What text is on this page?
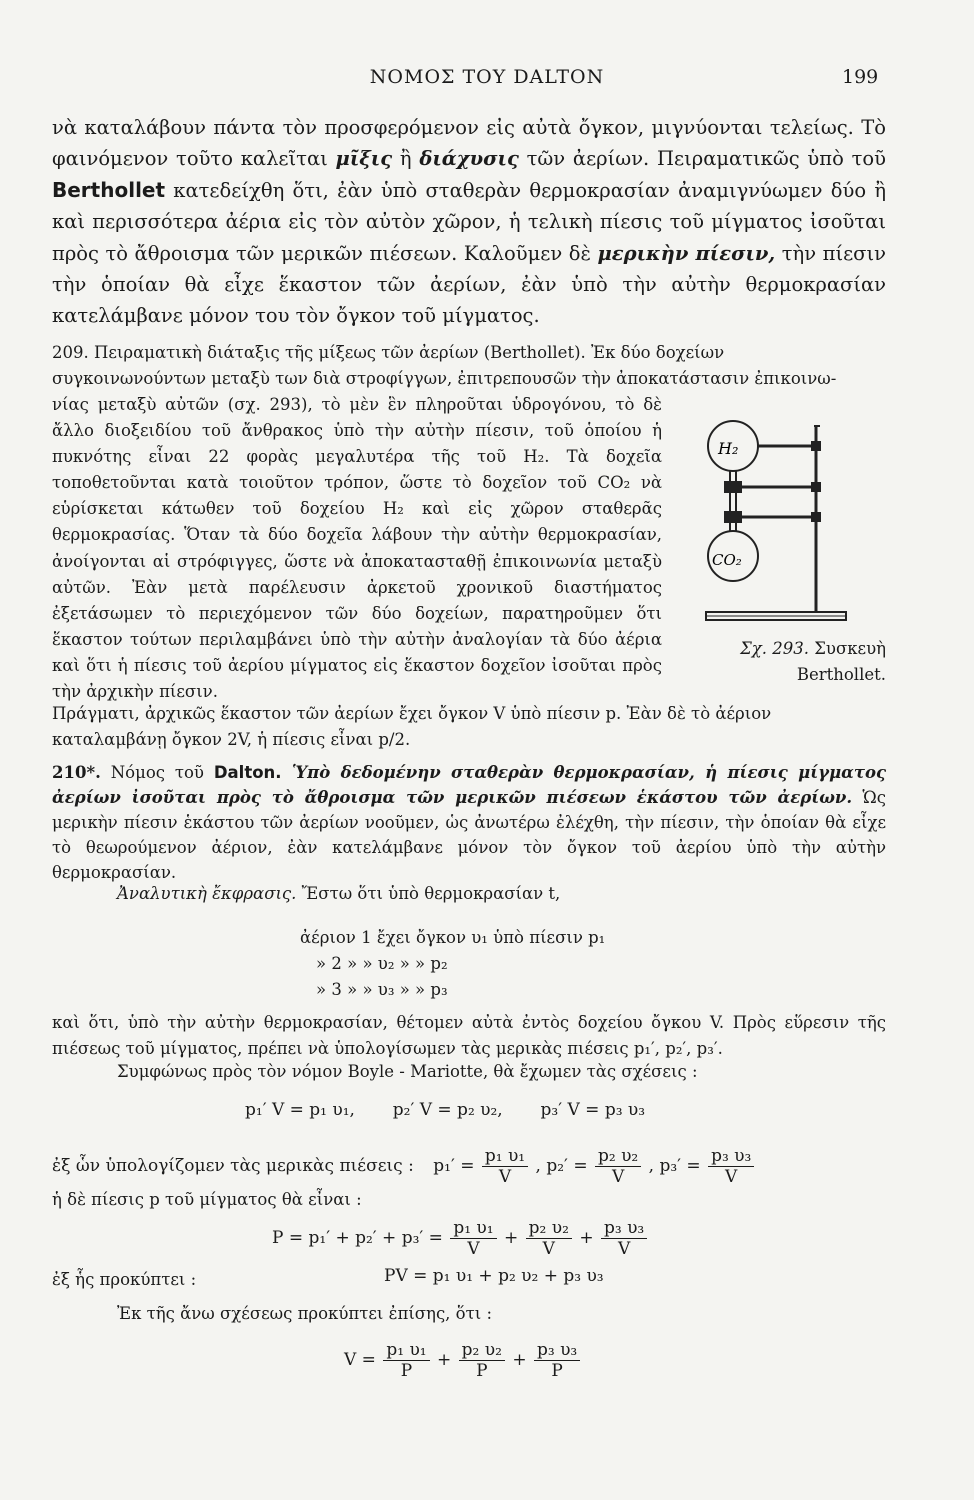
ΝΟΜΟΣ ΤΟΥ DALTON	199
νὰ καταλάβουν πάντα τὸν προσφερόμενον εἰς αὐτὰ ὄγκον, μιγνύονται τελείως. Τὸ φαινόμενον τοῦτο καλεῖται μῖξις ἢ διάχυσις τῶν ἀερίων. Πειραματικῶς ὑπὸ τοῦ Berthollet κατεδείχθη ὅτι, ἐὰν ὑπὸ σταθερὰν θερμοκρασίαν ἀναμιγνύωμεν δύο ἢ καὶ περισσότερα ἀέρια εἰς τὸν αὐτὸν χῶρον, ἡ τελικὴ πίεσις τοῦ μίγματος ἰσοῦται πρὸς τὸ ἄθροισμα τῶν μερικῶν πιέσεων. Καλοῦμεν δὲ μερικὴν πίεσιν, τὴν πίεσιν τὴν ὁποίαν θὰ εἶχε ἕκαστον τῶν ἀερίων, ἐὰν ὑπὸ τὴν αὐτὴν θερμοκρασίαν κατελάμβανε μόνον του τὸν ὄγκον τοῦ μίγματος.
209. Πειραματικὴ διάταξις τῆς μίξεως τῶν ἀερίων (Berthollet). Ἐκ δύο δοχείων
συγκοινωνούντων μεταξὺ των διὰ στροφίγγων, ἐπιτρεπουσῶν τὴν ἀποκατάστασιν ἐπικοινω-
νίας μεταξὺ αὐτῶν (σχ. 293), τὸ μὲν ἓν πληροῦται ὑδρογόνου, τὸ δὲ ἄλλο διοξειδίου τοῦ ἄνθρακος ὑπὸ τὴν αὐτὴν πίεσιν, τοῦ ὁποίου ἡ πυκνότης εἶναι 22 φορὰς μεγαλυτέρα τῆς τοῦ H₂. Τὰ δοχεῖα τοποθετοῦνται κατὰ τοιοῦτον τρόπον, ὥστε τὸ δοχεῖον τοῦ CO₂ νὰ εὑρίσκεται κάτωθεν τοῦ δοχείου H₂ καὶ εἰς χῶρον σταθερᾶς θερμοκρασίας. Ὅταν τὰ δύο δοχεῖα λάβουν τὴν αὐτὴν θερμοκρασίαν, ἀνοίγονται αἱ στρόφιγγες, ὥστε νὰ ἀποκατασταθῇ ἐπικοινωνία μεταξὺ αὐτῶν. Ἐὰν μετὰ παρέλευσιν ἀρκετοῦ χρονικοῦ διαστήματος ἐξετάσωμεν τὸ περιεχόμενον τῶν δύο δοχείων, παρατηροῦμεν ὅτι ἕκαστον τούτων περιλαμβάνει ὑπὸ τὴν αὐτὴν ἀναλογίαν τὰ δύο ἀέρια καὶ ὅτι ἡ πίεσις τοῦ ἀερίου μίγματος εἰς ἕκαστον δοχεῖον ἰσοῦται πρὸς τὴν ἀρχικὴν πίεσιν.
Πράγματι, ἀρχικῶς ἕκαστον τῶν ἀερίων ἔχει ὄγκον V ὑπὸ πίεσιν p. Ἐὰν δὲ τὸ ἀέριον καταλαμβάνῃ ὄγκον 2V, ἡ πίεσις εἶναι p/2.
H₂
CO₂
Σχ. 293. Συσκευὴ
Berthollet.
210*. Νόμος τοῦ Dalton. Ὑπὸ δεδομένην σταθερὰν θερμοκρασίαν, ἡ πίεσις μίγματος ἀερίων ἰσοῦται πρὸς τὸ ἄθροισμα τῶν μερικῶν πιέσεων ἑκάστου τῶν ἀερίων. Ὡς μερικὴν πίεσιν ἑκάστου τῶν ἀερίων νοοῦμεν, ὡς ἀνωτέρω ἐλέχθη, τὴν πίεσιν, τὴν ὁποίαν θὰ εἶχε τὸ θεωρούμενον ἀέριον, ἐὰν κατελάμβανε μόνον τὸν ὄγκον τοῦ ἀερίου ὑπὸ τὴν αὐτὴν θερμοκρασίαν.
Ἀναλυτικὴ ἔκφρασις. Ἔστω ὅτι ὑπὸ θερμοκρασίαν t,
ἀέριον 1 ἔχει ὄγκον υ₁ ὑπὸ πίεσιν p₁
» 2 » » υ₂ » » p₂
» 3 » » υ₃ » » p₃
καὶ ὅτι, ὑπὸ τὴν αὐτὴν θερμοκρασίαν, θέτομεν αὐτὰ ἐντὸς δοχείου ὄγκου V. Πρὸς εὕρεσιν τῆς πιέσεως τοῦ μίγματος, πρέπει νὰ ὑπολογίσωμεν τὰς μερικὰς πιέσεις p₁′, p₂′, p₃′.
Συμφώνως πρὸς τὸν νόμον Boyle - Mariotte, θὰ ἔχωμεν τὰς σχέσεις :
p₁′ V = p₁ υ₁,       p₂′ V = p₂ υ₂,       p₃′ V = p₃ υ₃
ἐξ ὧν ὑπολογίζομεν τὰς μερικὰς πιέσεις : $p_1' = \frac{\text{p₁ υ₁}}{V}$ , $p_2' = \frac{\text{p₂ υ₂}}{V}$ , $p_3' = \frac{\text{p₃ υ₃}}{V}$
ἡ δὲ πίεσις p τοῦ μίγματος θὰ εἶναι :
$P = p_1' + p_2' + p_3' = \frac{\text{p₁ υ₁}}{V} + \frac{\text{p₂ υ₂}}{V} + \frac{\text{p₃ υ₃}}{V}$
ἐξ ἧς προκύπτει :	PV = p₁ υ₁ + p₂ υ₂ + p₃ υ₃
Ἐκ τῆς ἄνω σχέσεως προκύπτει ἐπίσης, ὅτι :
$V = \frac{\text{p₁ υ₁}}{P} + \frac{\text{p₂ υ₂}}{P} + \frac{\text{p₃ υ₃}}{P}$
